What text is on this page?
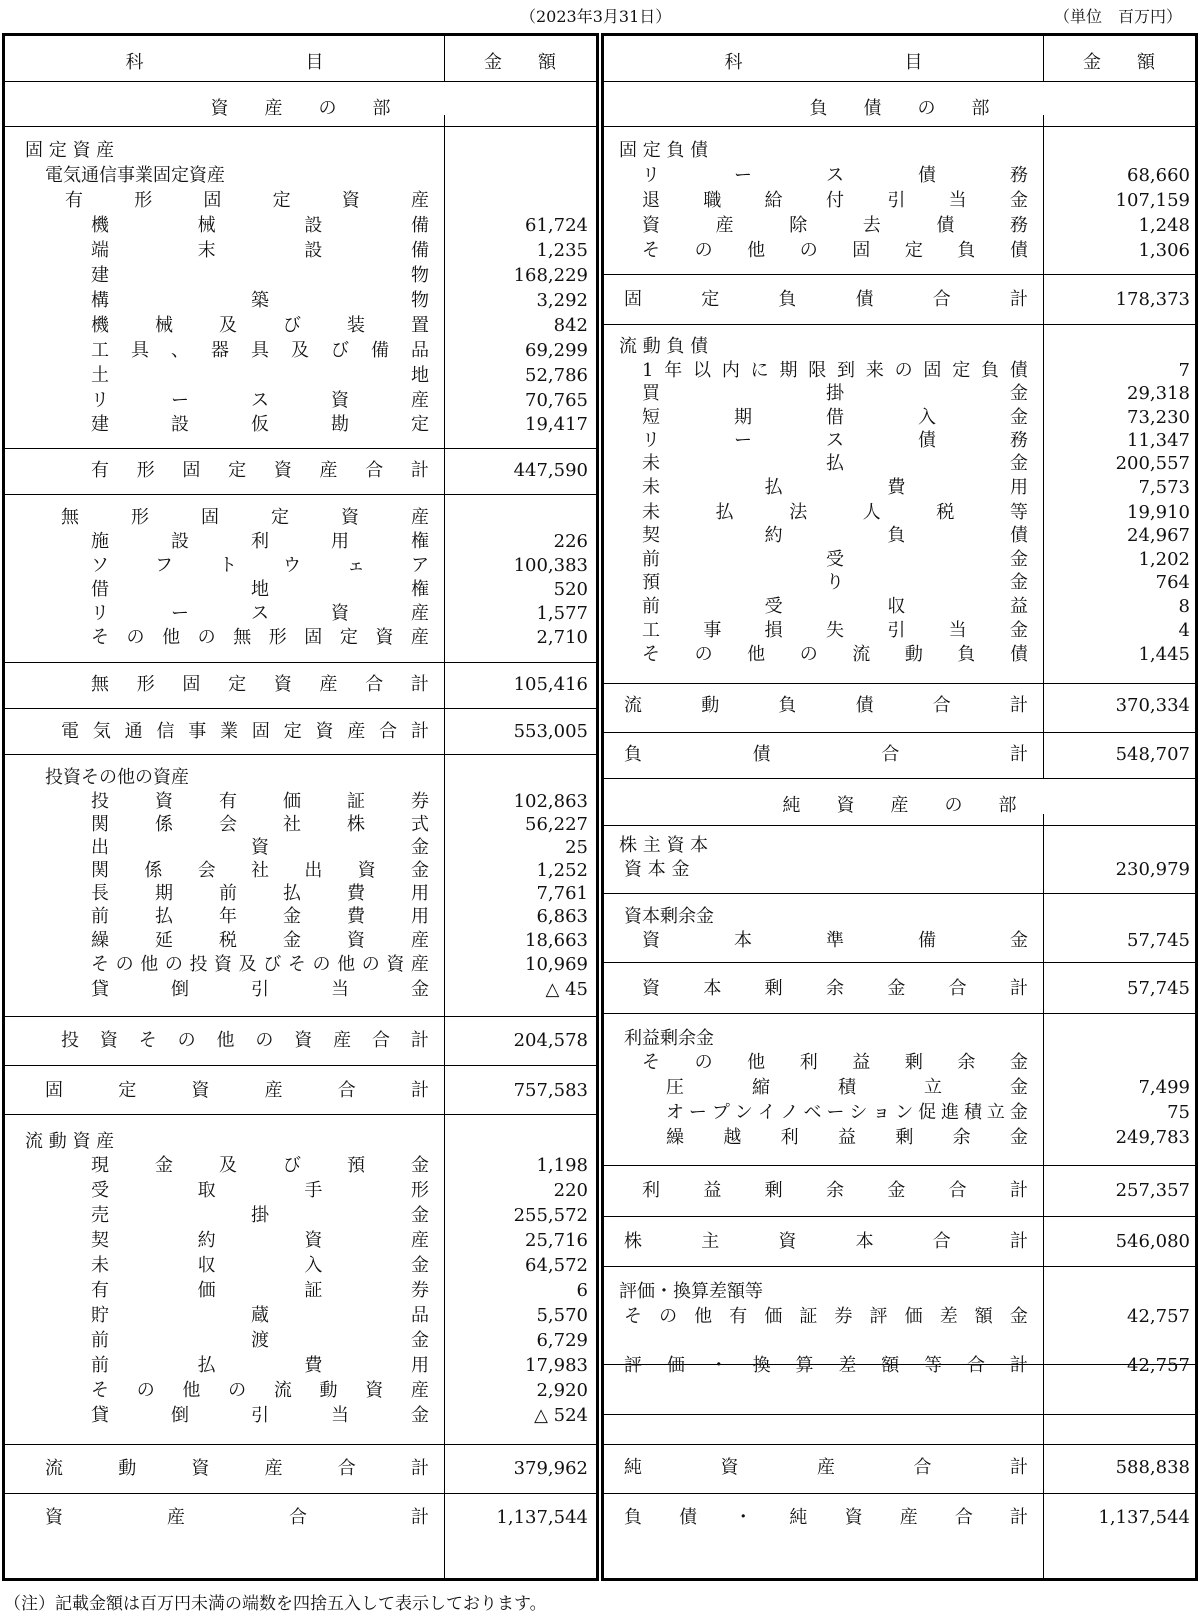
（2023年3月31日）	（単位　百万円）
科　　　　　　　　　目	金　　額
資　　産　　の　　部
固 定 資 産
電気通信事業固定資産
有	形	固	定	資	産
機	械	設	備	61,724
端	末	設	備	1,235
建	物	168,229
構	築	物	3,292
機	械	及	び	装	置	842
工 具 、 器 具 及 び 備 品	69,299
土	地	52,786
リ	ー	ス	資	産	70,765
建	設	仮	勘	定	19,417
有 形 固 定 資 産 合 計	447,590
無	形	固	定	資	産
施	設	利	用	権	226
ソ	フ	ト	ウ	ェ	ア	100,383
借	地	権	520
リ	ー	ス	資	産	1,577
そ の 他 の 無 形 固 定 資 産	2,710
無 形 固 定 資 産 合 計	105,416
電 気 通 信 事 業 固 定 資 産 合 計	553,005
投資その他の資産
投	資	有	価	証	券	102,863
関	係	会	社	株	式	56,227
出	資	金	25
関 係 会 社 出 資 金	1,252
長	期	前	払	費	用	7,761
前	払	年	金	費	用	6,863
繰	延	税	金	資	産	18,663
そ の 他 の 投 資 及 び そ の 他 の 資 産	10,969
貸	倒	引	当	金	△ 45
投 資 そ の 他 の 資 産 合 計	204,578
固	定	資	産	合	計	757,583
流 動 資 産
現	金	及	び	預	金	1,198
受	取	手	形	220
売	掛	金	255,572
契	約	資	産	25,716
未	収	入	金	64,572
有	価	証	券	6
貯	蔵	品	5,570
前	渡	金	6,729
前	払	費	用	17,983
そ の 他 の 流 動 資 産	2,920
貸	倒	引	当	金	△ 524
流	動	資	産	合	計	379,962
資	産	合	計	1,137,544
科　　　　　　　　　目	金　　額
負　　債　　の　　部
純　　資　　産　　の　　部
固 定 負 債
リ	ー	ス	債	務	68,660
退 職 給 付 引 当 金	107,159
資	産	除	去	債	務	1,248
そ の 他 の 固 定 負 債	1,306
固	定	負	債	合	計	178,373
流 動 負 債
1 年 以 内 に 期 限 到 来 の 固 定 負 債	7
買	掛	金	29,318
短	期	借	入	金	73,230
リ	ー	ス	債	務	11,347
未	払	金	200,557
未	払	費	用	7,573
未	払	法	人	税	等	19,910
契	約	負	債	24,967
前	受	金	1,202
預	り	金	764
前	受	収	益	8
工 事 損 失 引 当 金	4
そ の 他 の 流 動 負 債	1,445
流	動	負	債	合	計	370,334
負	債	合	計	548,707
株 主 資 本
資 本 金	230,979
資本剰余金
資	本	準	備	金	57,745
資 本 剰 余 金 合 計	57,745
利益剰余金
そ の 他 利 益 剰 余 金
圧	縮	積	立	金	7,499
オ ー プ ン イ ノ ベ ー シ ョ ン 促 進 積 立 金	75
繰 越 利 益 剰 余 金	249,783
利 益 剰 余 金 合 計	257,357
株	主	資	本	合	計	546,080
評価・換算差額等
そ の 他 有 価 証 券 評 価 差 額 金	42,757
評 価 ・ 換 算 差 額 等 合 計	42,757
純	資	産	合	計	588,838
負 債 ・ 純 資 産 合 計	1,137,544
（注）記載金額は百万円未満の端数を四捨五入して表示しております。
